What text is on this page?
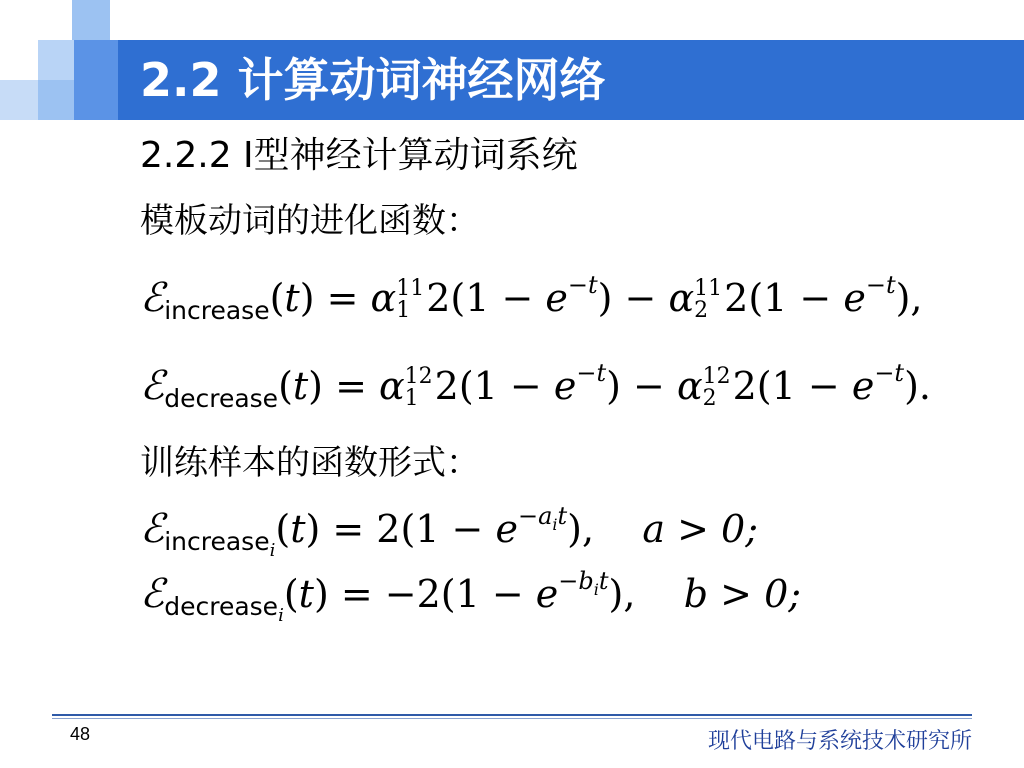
2.2 计算动词神经网络
2.2.2 I型神经计算动词系统
模板动词的进化函数：
ℰ$_{increase}$(t) = α 11
1 $2(1 - e^{-t}) - \alpha$ 11
2 $2(1 - e^{-t})$,
ℰ$_{decrease}$(t) = α 12
1 $2(1 - e^{-t}) - \alpha$ 12
2 $2(1 - e^{-t})$.
训练样本的函数形式：
ℰ$_{increase_i}$(t) = $2(1 - e^{-a_it})$,    a > 0;
ℰ$_{decrease_i}$(t) = $-2(1 - e^{-b_it})$,    b > 0;
48	现代电路与系统技术研究所
